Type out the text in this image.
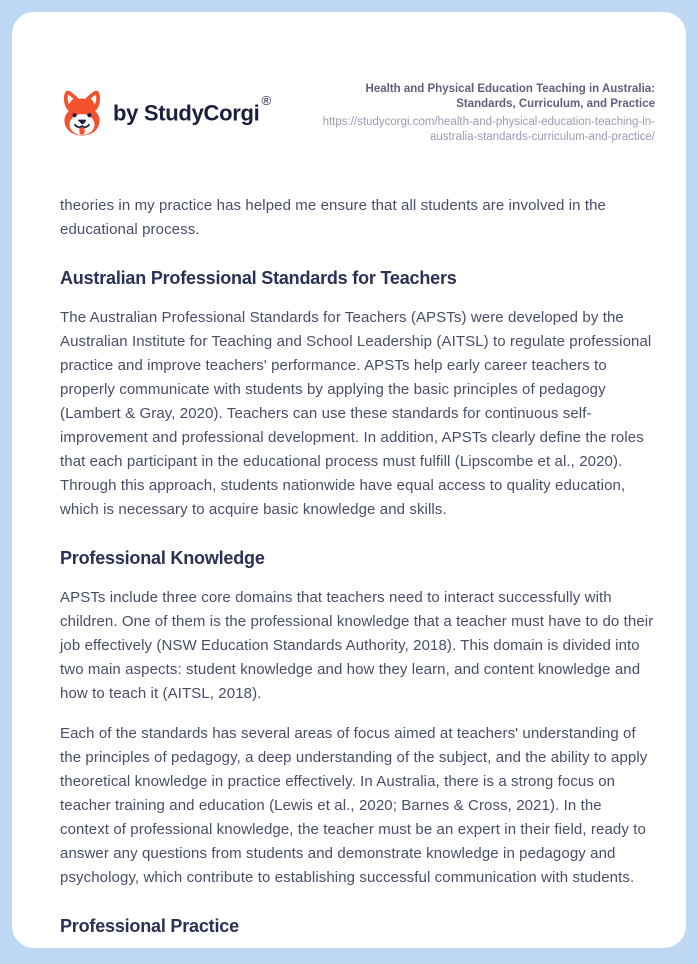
by StudyCorgi ®
Health and Physical Education Teaching in Australia: Standards, Curriculum, and Practice
https://studycorgi.com/health-and-physical-education-teaching-in-australia-standards-curriculum-and-practice/

theories in my practice has helped me ensure that all students are involved in the educational process.

Australian Professional Standards for Teachers

The Australian Professional Standards for Teachers (APSTs) were developed by the Australian Institute for Teaching and School Leadership (AITSL) to regulate professional practice and improve teachers' performance. APSTs help early career teachers to properly communicate with students by applying the basic principles of pedagogy (Lambert & Gray, 2020). Teachers can use these standards for continuous self-improvement and professional development. In addition, APSTs clearly define the roles that each participant in the educational process must fulfill (Lipscombe et al., 2020). Through this approach, students nationwide have equal access to quality education, which is necessary to acquire basic knowledge and skills.

Professional Knowledge

APSTs include three core domains that teachers need to interact successfully with children. One of them is the professional knowledge that a teacher must have to do their job effectively (NSW Education Standards Authority, 2018). This domain is divided into two main aspects: student knowledge and how they learn, and content knowledge and how to teach it (AITSL, 2018).

Each of the standards has several areas of focus aimed at teachers' understanding of the principles of pedagogy, a deep understanding of the subject, and the ability to apply theoretical knowledge in practice effectively. In Australia, there is a strong focus on teacher training and education (Lewis et al., 2020; Barnes & Cross, 2021). In the context of professional knowledge, the teacher must be an expert in their field, ready to answer any questions from students and demonstrate knowledge in pedagogy and psychology, which contribute to establishing successful communication with students.

Professional Practice
